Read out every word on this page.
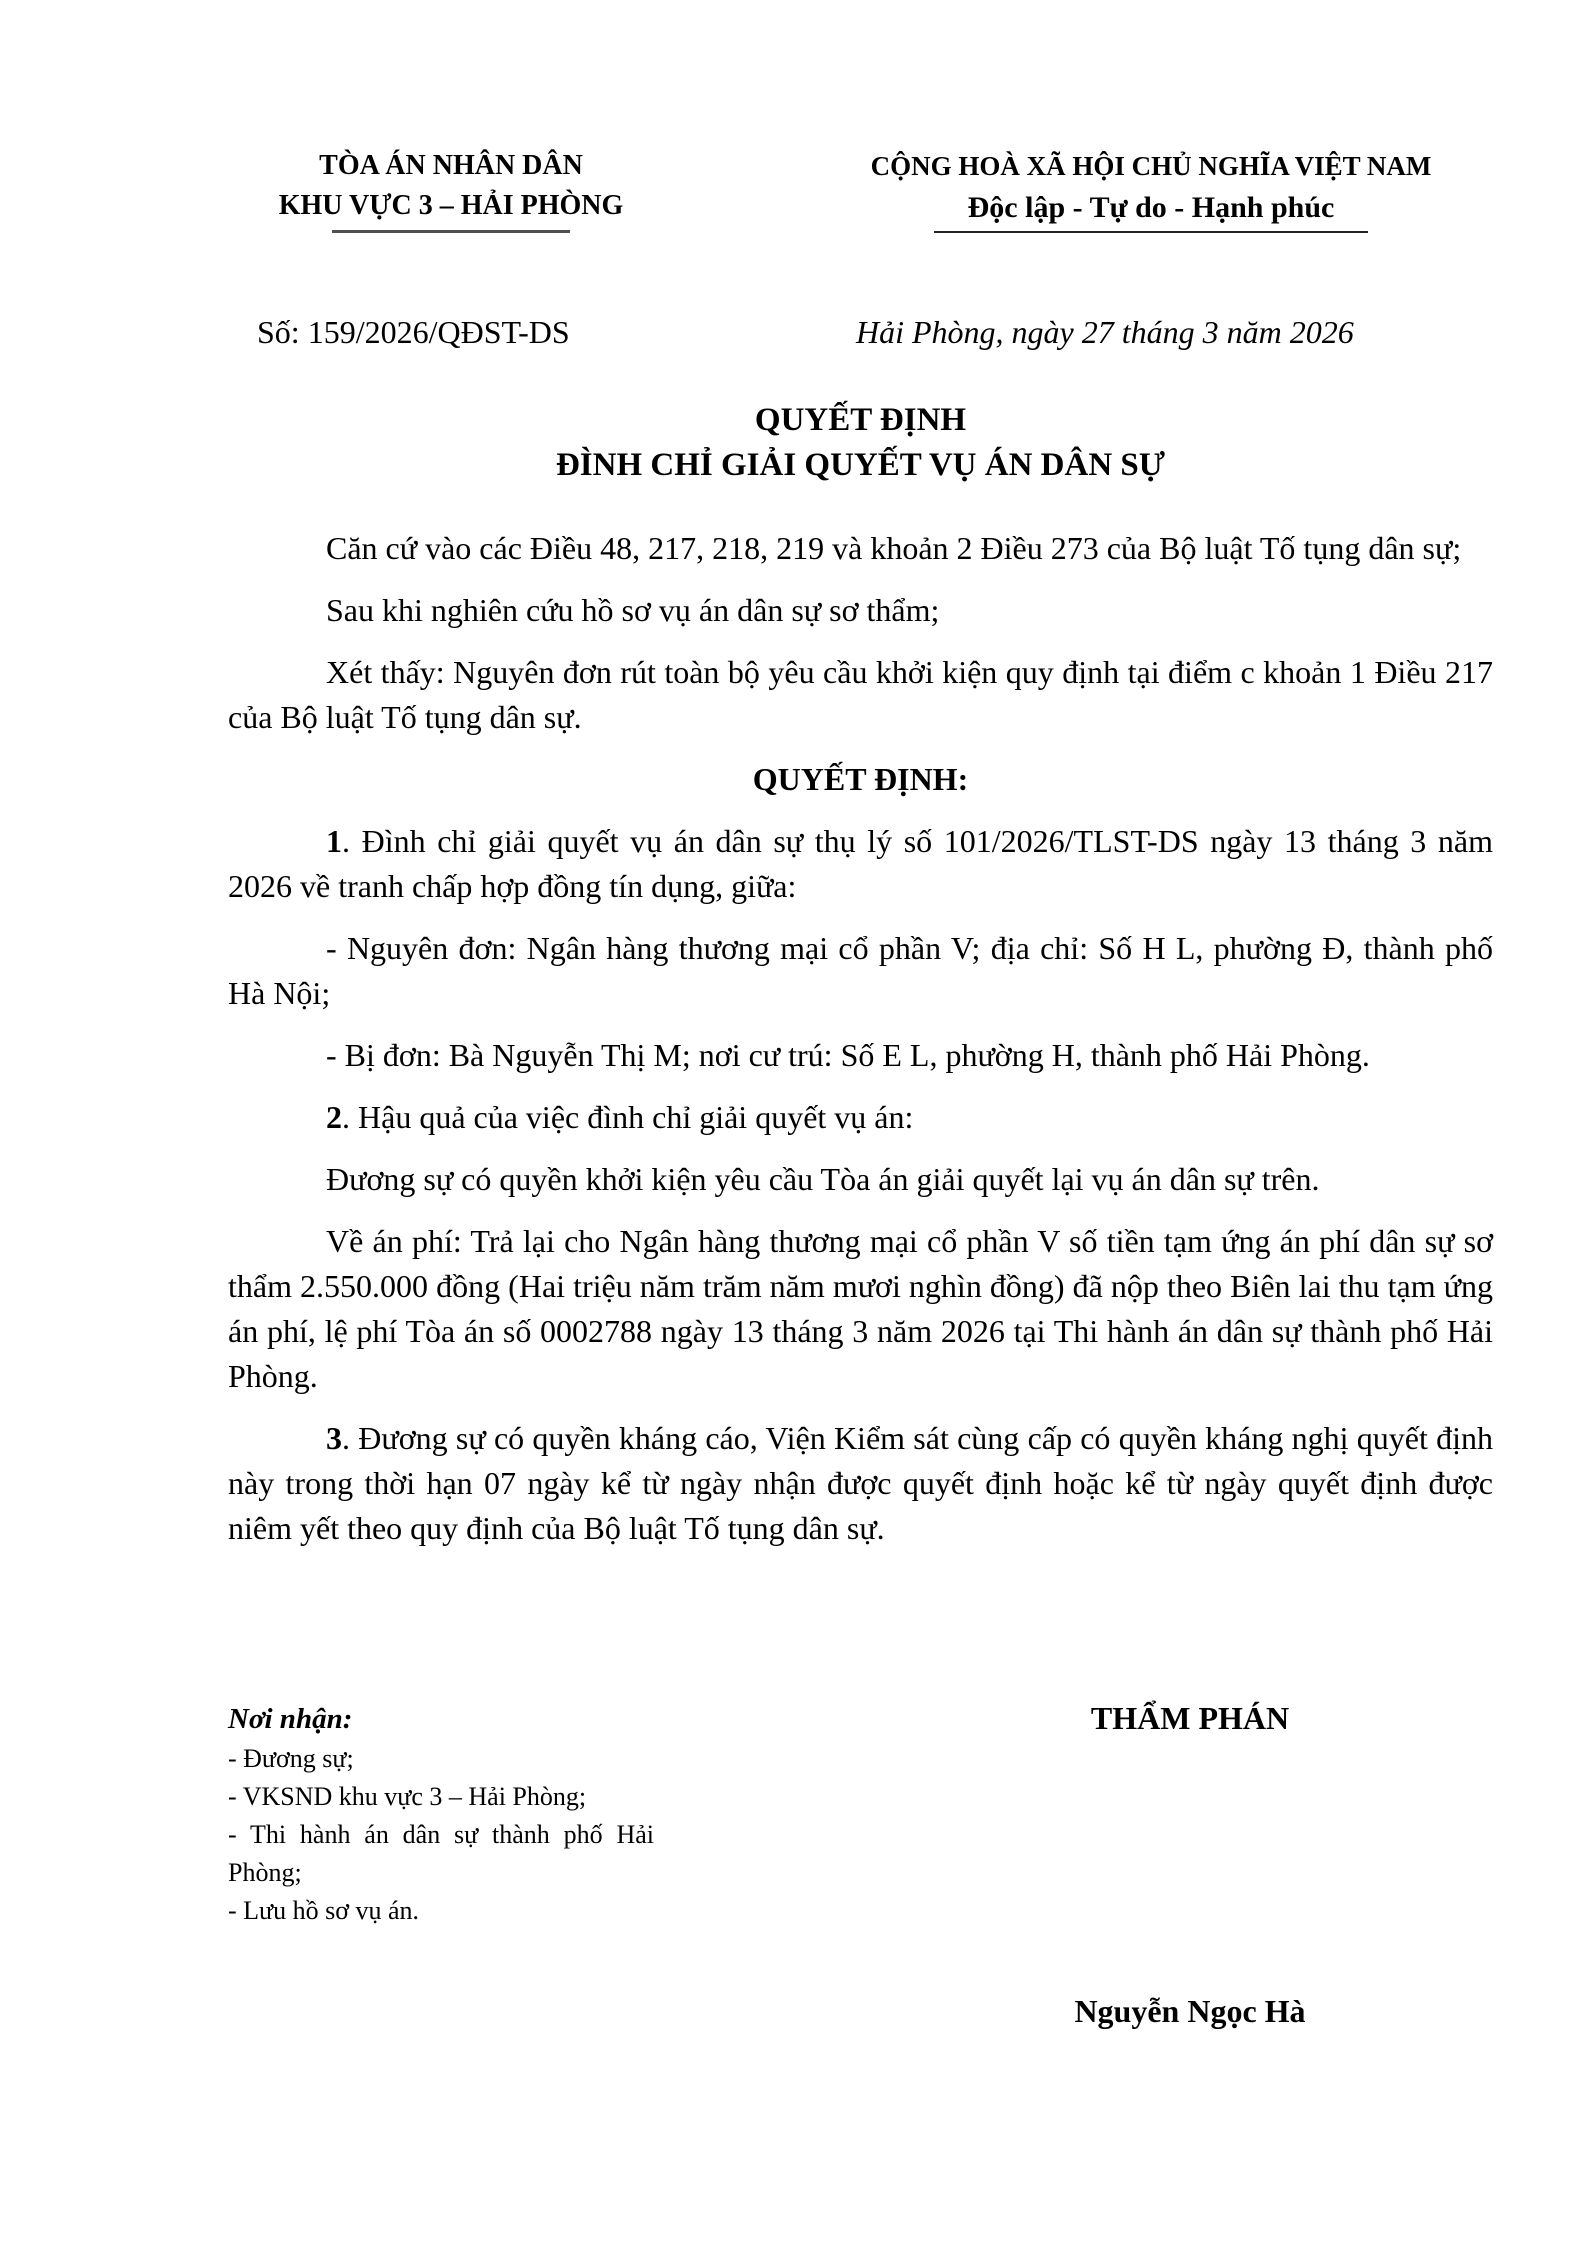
TÒA ÁN NHÂN DÂN
KHU VỰC 3 – HẢI PHÒNG
CỘNG HOÀ XÃ HỘI CHỦ NGHĨA VIỆT NAM
Độc lập - Tự do - Hạnh phúc
Số: 159/2026/QĐST-DS	Hải Phòng, ngày 27 tháng 3 năm 2026
QUYẾT ĐỊNH
ĐÌNH CHỈ GIẢI QUYẾT VỤ ÁN DÂN SỰ

Căn cứ vào các Điều 48, 217, 218, 219 và khoản 2 Điều 273 của Bộ luật Tố tụng dân sự;

Sau khi nghiên cứu hồ sơ vụ án dân sự sơ thẩm;

Xét thấy: Nguyên đơn rút toàn bộ yêu cầu khởi kiện quy định tại điểm c khoản 1 Điều 217 của Bộ luật Tố tụng dân sự.

QUYẾT ĐỊNH:

1. Đình chỉ giải quyết vụ án dân sự thụ lý số 101/2026/TLST-DS ngày 13 tháng 3 năm 2026 về tranh chấp hợp đồng tín dụng, giữa:

- Nguyên đơn: Ngân hàng thương mại cổ phần V; địa chỉ: Số H L, phường Đ, thành phố Hà Nội;

- Bị đơn: Bà Nguyễn Thị M; nơi cư trú: Số E L, phường H, thành phố Hải Phòng.

2. Hậu quả của việc đình chỉ giải quyết vụ án:

Đương sự có quyền khởi kiện yêu cầu Tòa án giải quyết lại vụ án dân sự trên.

Về án phí: Trả lại cho Ngân hàng thương mại cổ phần V số tiền tạm ứng án phí dân sự sơ thẩm 2.550.000 đồng (Hai triệu năm trăm năm mươi nghìn đồng) đã nộp theo Biên lai thu tạm ứng án phí, lệ phí Tòa án số 0002788 ngày 13 tháng 3 năm 2026 tại Thi hành án dân sự thành phố Hải Phòng.

3. Đương sự có quyền kháng cáo, Viện Kiểm sát cùng cấp có quyền kháng nghị quyết định này trong thời hạn 07 ngày kể từ ngày nhận được quyết định hoặc kể từ ngày quyết định được niêm yết theo quy định của Bộ luật Tố tụng dân sự.

Nơi nhận:
- Đương sự;
- VKSND khu vực 3 – Hải Phòng;
- Thi hành án dân sự thành phố Hải Phòng;
- Lưu hồ sơ vụ án.
THẨM PHÁN
Nguyễn Ngọc Hà
